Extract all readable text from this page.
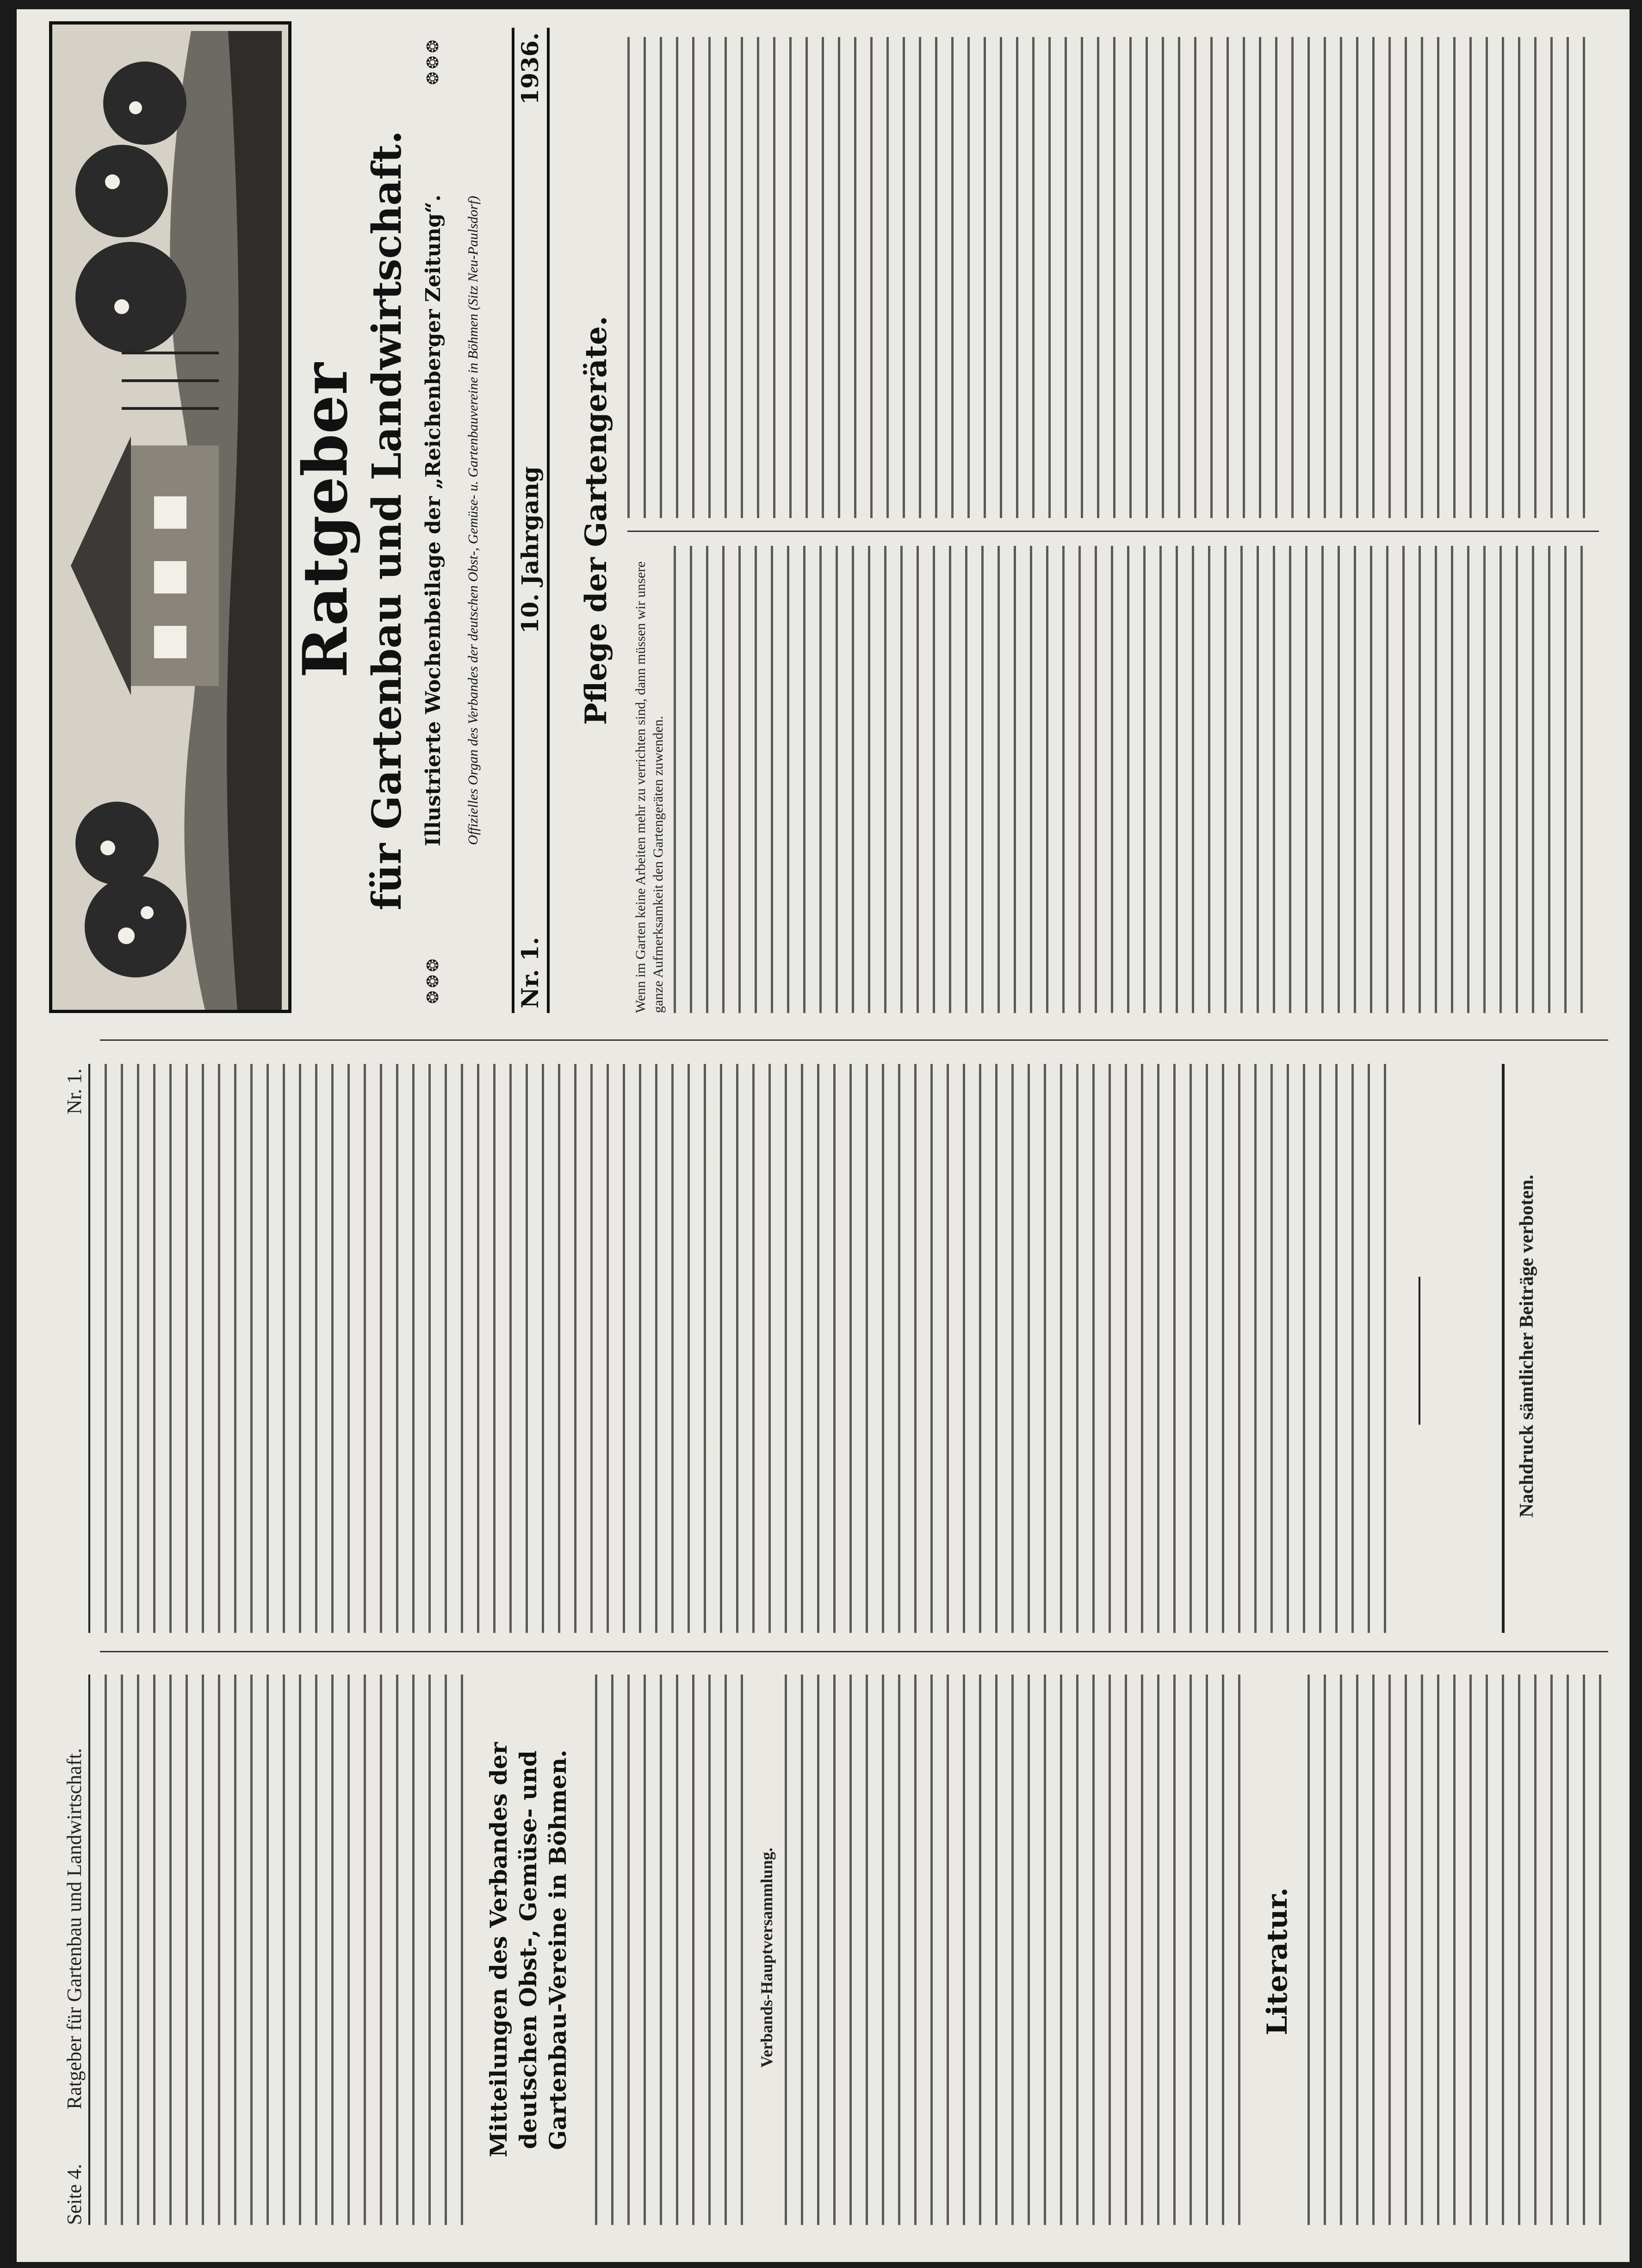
Seite 4.
Ratgeber für Gartenbau und Landwirtschaft.	Mitteilungen des Verbandes der deutschen Obst-, Gemüse- und Gartenbau-Vereine in Böhmen.	Verbands-Hauptversammlung.	Literatur.
Nr. 1.
Nachdruck sämtlicher Beiträge verboten.
Ratgeber für Gartenbau und Landwirtschaft.
❂❂❂
❂❂❂
Illustrierte Wochenbeilage der „Reichenberger Zeitung“. Offizielles Organ des Verbandes der deutschen Obst-, Gemüse- u. Gartenbauvereine in Böhmen (Sitz Neu-Paulsdorf)
Nr. 1.
10. Jahrgang
1936.
Pflege der Gartengeräte.
Wenn im Garten keine Arbeiten mehr zu verrichten sind, dann müssen wir unsere ganze Aufmerksamkeit den Gartengeräten zuwenden.
